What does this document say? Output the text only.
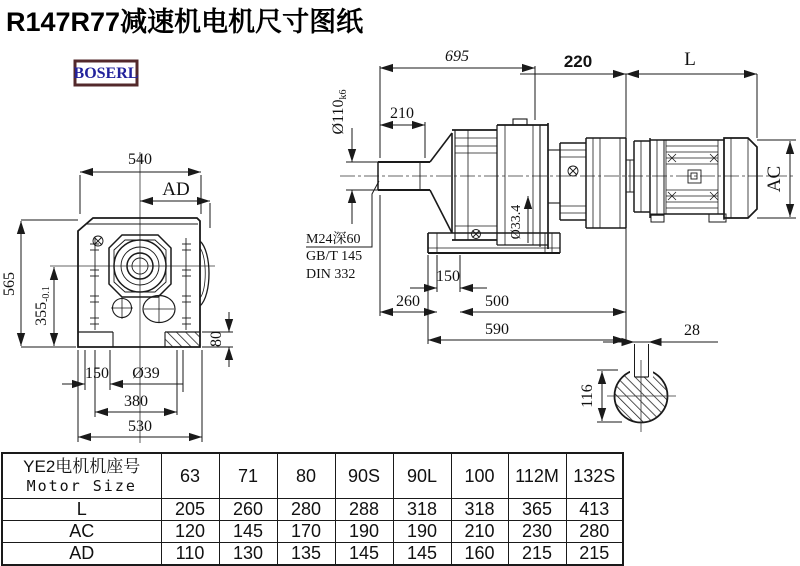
R147R77减速机电机尺寸图纸
BOSERL
540
AD
565
355-0.1
80
150 Ø39
380
530
695	220	L
210
Ø110k6
M24深60
GB/T 145
DIN 332
Ø33.4
150
260	500
590
AC
28
116
YE2电机机座号
Motor Size	63	71	80	90S	90L	100	112M	132S
L	205	260	280	288	318	318	365	413
AC	120	145	170	190	190	210	230	280
AD	110	130	135	145	145	160	215	215
